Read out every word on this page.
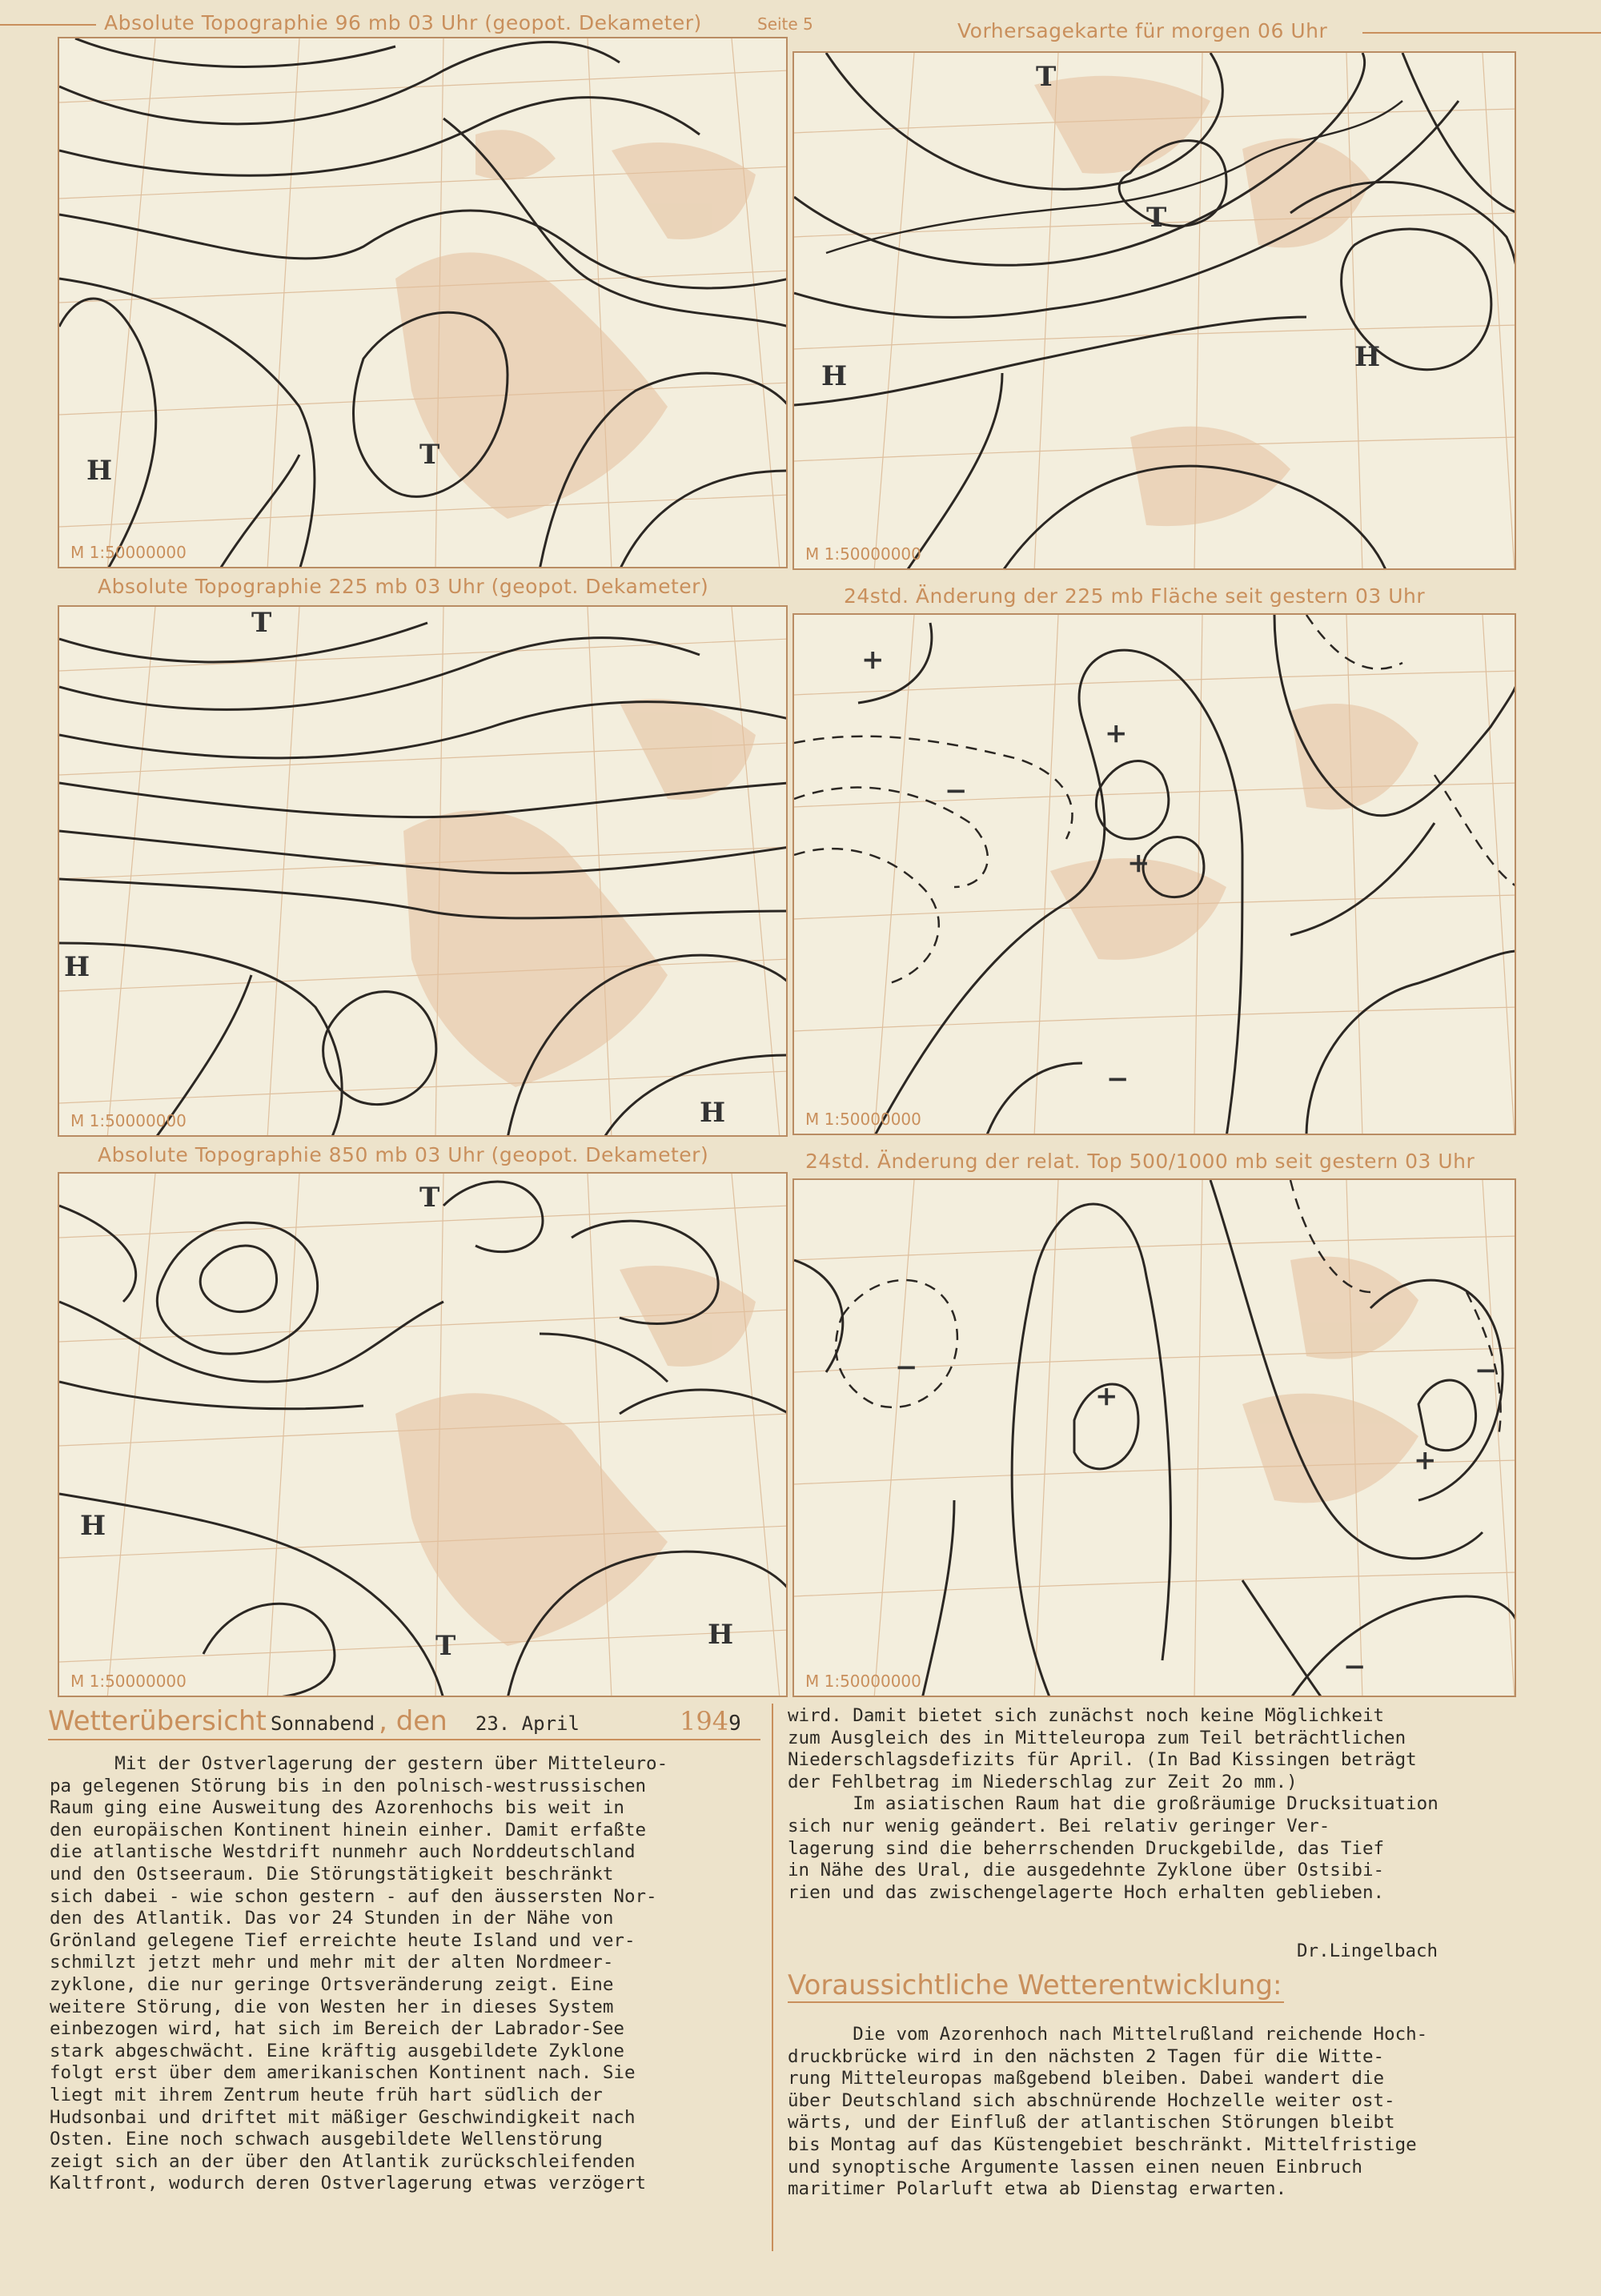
Absolute Topographie 96 mb 03 Uhr (geopot. Dekameter)	Seite 5	Vorhersagekarte für morgen 06 Uhr
H	T
M 1:50000000
H
H
T
T
M 1:50000000
Absolute Topographie 225 mb 03 Uhr (geopot. Dekameter)	24std. Änderung der 225 mb Fläche seit gestern 03 Uhr
H
H
T
M 1:50000000
+
−
+
+
−
M 1:50000000
Absolute Topographie 850 mb 03 Uhr (geopot. Dekameter)	24std. Änderung der relat. Top 500/1000 mb seit gestern 03 Uhr
H
H
T
T
M 1:50000000
−
+
+
−
−
M 1:50000000
Wetterübersicht Sonnabend , den 23. April	1949
Mit der Ostverlagerung der gestern über Mitteleuro-
pa gelegenen Störung bis in den polnisch-westrussischen
Raum ging eine Ausweitung des Azorenhochs bis weit in
den europäischen Kontinent hinein einher. Damit erfaßte
die atlantische Westdrift nunmehr auch Norddeutschland
und den Ostseeraum. Die Störungstätigkeit beschränkt
sich dabei - wie schon gestern - auf den äussersten Nor-
den des Atlantik. Das vor 24 Stunden in der Nähe von
Grönland gelegene Tief erreichte heute Island und ver-
schmilzt jetzt mehr und mehr mit der alten Nordmeer-
zyklone, die nur geringe Ortsveränderung zeigt. Eine
weitere Störung, die von Westen her in dieses System
einbezogen wird, hat sich im Bereich der Labrador-See
stark abgeschwächt. Eine kräftig ausgebildete Zyklone
folgt erst über dem amerikanischen Kontinent nach. Sie
liegt mit ihrem Zentrum heute früh hart südlich der
Hudsonbai und driftet mit mäßiger Geschwindigkeit nach
Osten. Eine noch schwach ausgebildete Wellenstörung
zeigt sich an der über den Atlantik zurückschleifenden
Kaltfront, wodurch deren Ostverlagerung etwas verzögert
wird. Damit bietet sich zunächst noch keine Möglichkeit
zum Ausgleich des in Mitteleuropa zum Teil beträchtlichen
Niederschlagsdefizits für April. (In Bad Kissingen beträgt
der Fehlbetrag im Niederschlag zur Zeit 2o mm.)
Im asiatischen Raum hat die großräumige Drucksituation
sich nur wenig geändert. Bei relativ geringer Ver-
lagerung sind die beherrschenden Druckgebilde, das Tief
in Nähe des Ural, die ausgedehnte Zyklone über Ostsibi-
rien und das zwischengelagerte Hoch erhalten geblieben.
Dr.Lingelbach
Voraussichtliche Wetterentwicklung:
Die vom Azorenhoch nach Mittelrußland reichende Hoch-
druckbrücke wird in den nächsten 2 Tagen für die Witte-
rung Mitteleuropas maßgebend bleiben. Dabei wandert die
über Deutschland sich abschnürende Hochzelle weiter ost-
wärts, und der Einfluß der atlantischen Störungen bleibt
bis Montag auf das Küstengebiet beschränkt. Mittelfristige
und synoptische Argumente lassen einen neuen Einbruch
maritimer Polarluft etwa ab Dienstag erwarten.
